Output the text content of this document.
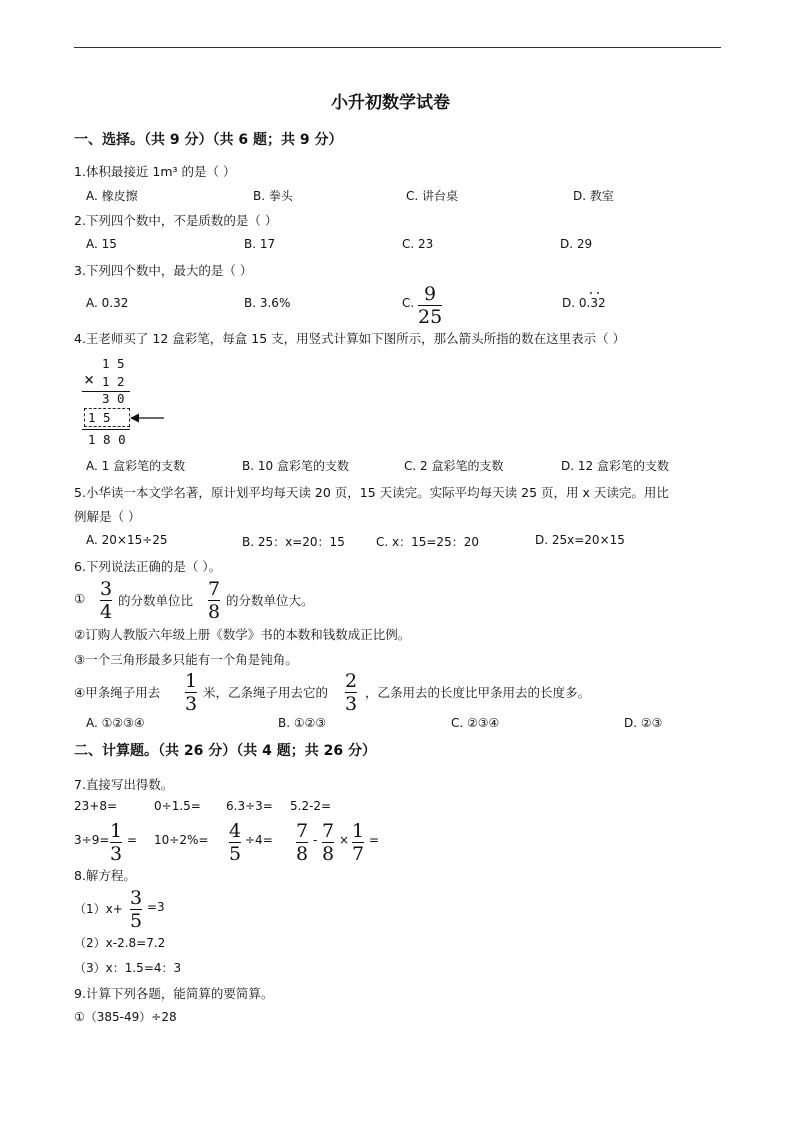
小升初数学试卷
一、选择。（共 9 分）（共 6 题；共 9 分）
1.体积最接近 1m³ 的是（ ）
A. 橡皮擦	B. 拳头	C. 讲台桌	D. 教室
2.下列四个数中，不是质数的是（ ）
A. 15	B. 17	C. 23	D. 29
3.下列四个数中，最大的是（ ）
A. 0.32	B. 3.6%	C. 9
25
D. 0.32
4.王老师买了 12 盒彩笔，每盒 15 支，用竖式计算如下图所示，那么箭头所指的数在这里表示（ ）
1 5
× 1 2
3 0
1 5
1 8 0
A. 1 盒彩笔的支数	B. 10 盒彩笔的支数	C. 2 盒彩笔的支数	D. 12 盒彩笔的支数
5.小华读一本文学名著，原计划平均每天读 20 页，15 天读完。实际平均每天读 25 页，用 x 天读完。用比
例解是（ ）
A. 20×15÷25	B. 25：x=20：15	C. x：15=25：20	D. 25x=20×15
6.下列说法正确的是（ ）。
① 3
4
的分数单位比
7
8
的分数单位大。
②订购人教版六年级上册《数学》书的本数和钱数成正比例。
③一个三角形最多只能有一个角是钝角。
④甲条绳子用去
1
3
米，乙条绳子用去它的
2
3
，乙条用去的长度比甲条用去的长度多。
A. ①②③④	B. ①②③	C. ②③④	D. ②③
二、计算题。（共 26 分）（共 4 题；共 26 分）
7.直接写出得数。
23+8=	0÷1.5= 6.3÷3= 5.2-2=
3÷9= 1
3
= 10÷2%= 4
5
÷4= 7
8
- 7
8
× 1
7
=
8.解方程。
（1）x+ 3
5
=3
（2）x-2.8=7.2
（3）x：1.5=4：3
9.计算下列各题，能简算的要简算。
①（385-49）÷28
